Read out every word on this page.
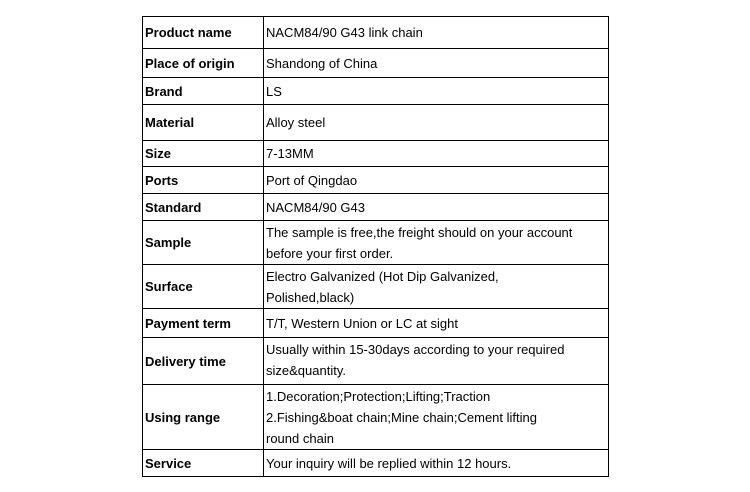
Product name	NACM84/90 G43 link chain

Place of origin	Shandong of China

Brand	LS

Material	Alloy steel

Size	7-13MM

Ports	Port of Qingdao

Standard	NACM84/90 G43

Sample	The sample is free,the freight should on your account
before your first order.

Surface	Electro Galvanized (Hot Dip Galvanized,
Polished,black)

Payment term	T/T, Western Union or LC at sight

Delivery time	Usually within 15-30days according to your required
size&quantity.

Using range	1.Decoration;Protection;Lifting;Traction
2.Fishing&boat chain;Mine chain;Cement lifting
round chain

Service	Your inquiry will be replied within 12 hours.
